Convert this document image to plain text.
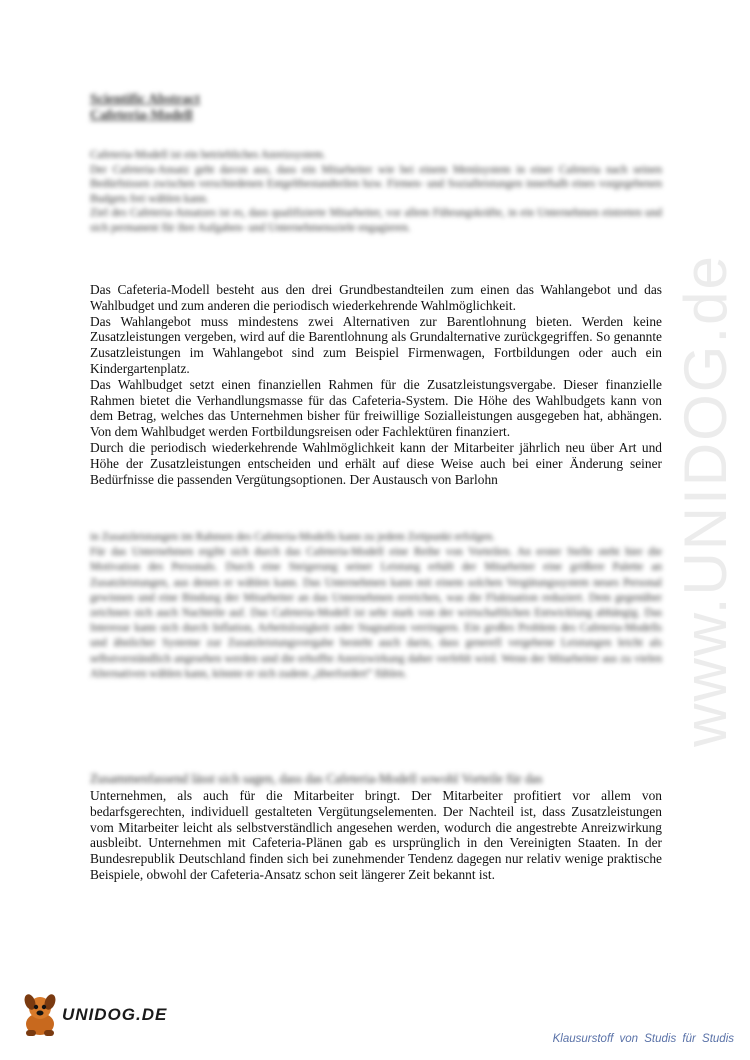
www.UNIDOG.de
Scientific Abstract
Cafeteria-Modell

Cafeteria-Modell ist ein betriebliches Anreizsystem.

Der Cafeteria-Ansatz geht davon aus, dass ein Mitarbeiter wie bei einem Menüsystem in einer Cafeteria nach seinen Bedürfnissen zwischen verschiedenen Entgeltbestandteilen bzw. Firmen- und Sozialleistungen innerhalb eines vorgegebenen Budgets frei wählen kann.

Ziel des Cafeteria-Ansatzes ist es, dass qualifizierte Mitarbeiter, vor allem Führungskräfte, in ein Unternehmen eintreten und sich permanent für ihre Aufgaben- und Unternehmensziele engagieren.

Das Cafeteria-Modell besteht aus den drei Grundbestandteilen zum einen das Wahlangebot und das Wahlbudget und zum anderen die periodisch wiederkehrende Wahlmöglichkeit.

Das Wahlangebot muss mindestens zwei Alternativen zur Barentlohnung bieten. Werden keine Zusatzleistungen vergeben, wird auf die Barentlohnung als Grundalternative zurückgegriffen. So genannte Zusatzleistungen im Wahlangebot sind zum Beispiel Firmenwagen, Fortbildungen oder auch ein Kindergartenplatz.

Das Wahlbudget setzt einen finanziellen Rahmen für die Zusatzleistungsvergabe. Dieser finanzielle Rahmen bietet die Verhandlungsmasse für das Cafeteria-System. Die Höhe des Wahlbudgets kann von dem Betrag, welches das Unternehmen bisher für freiwillige Sozialleistungen ausgegeben hat, abhängen. Von dem Wahlbudget werden Fortbildungsreisen oder Fachlektüren finanziert.

Durch die periodisch wiederkehrende Wahlmöglichkeit kann der Mitarbeiter jährlich neu über Art und Höhe der Zusatzleistungen entscheiden und erhält auf diese Weise auch bei einer Änderung seiner Bedürfnisse die passenden Vergütungsoptionen. Der Austausch von Barlohn

in Zusatzleistungen im Rahmen des Cafeteria-Modells kann zu jedem Zeitpunkt erfolgen.

Für das Unternehmen ergibt sich durch das Cafeteria-Modell eine Reihe von Vorteilen. An erster Stelle steht hier die Motivation des Personals. Durch eine Steigerung seiner Leistung erhält der Mitarbeiter eine größere Palette an Zusatzleistungen, aus denen er wählen kann. Das Unternehmen kann mit einem solchen Vergütungssystem neues Personal gewinnen und eine Bindung der Mitarbeiter an das Unternehmen erreichen, was die Fluktuation reduziert. Dem gegenüber zeichnen sich auch Nachteile auf. Das Cafeteria-Modell ist sehr stark von der wirtschaftlichen Entwicklung abhängig. Das Interesse kann sich durch Inflation, Arbeitslosigkeit oder Stagnation verringern. Ein großes Problem des Cafeteria-Modells und ähnlicher Systeme zur Zusatzleistungsvergabe besteht auch darin, dass generell vergebene Leistungen leicht als selbstverständlich angesehen werden und die erhoffte Anreizwirkung daher verfehlt wird. Wenn der Mitarbeiter aus zu vielen Alternativen wählen kann, könnte er sich zudem „überfordert“ fühlen.

Zusammenfassend lässt sich sagen, dass das Cafeteria-Modell sowohl Vorteile für das

Unternehmen, als auch für die Mitarbeiter bringt. Der Mitarbeiter profitiert vor allem von bedarfsgerechten, individuell gestalteten Vergütungselementen. Der Nachteil ist, dass Zusatzleistungen vom Mitarbeiter leicht als selbstverständlich angesehen werden, wodurch die angestrebte Anreizwirkung ausbleibt. Unternehmen mit Cafeteria-Plänen gab es ursprünglich in den Vereinigten Staaten. In der Bundesrepublik Deutschland finden sich bei zunehmender Tendenz dagegen nur relativ wenige praktische Beispiele, obwohl der Cafeteria-Ansatz schon seit längerer Zeit bekannt ist.

UNIDOG.DE
Klausurstoff von Studis für Studis
